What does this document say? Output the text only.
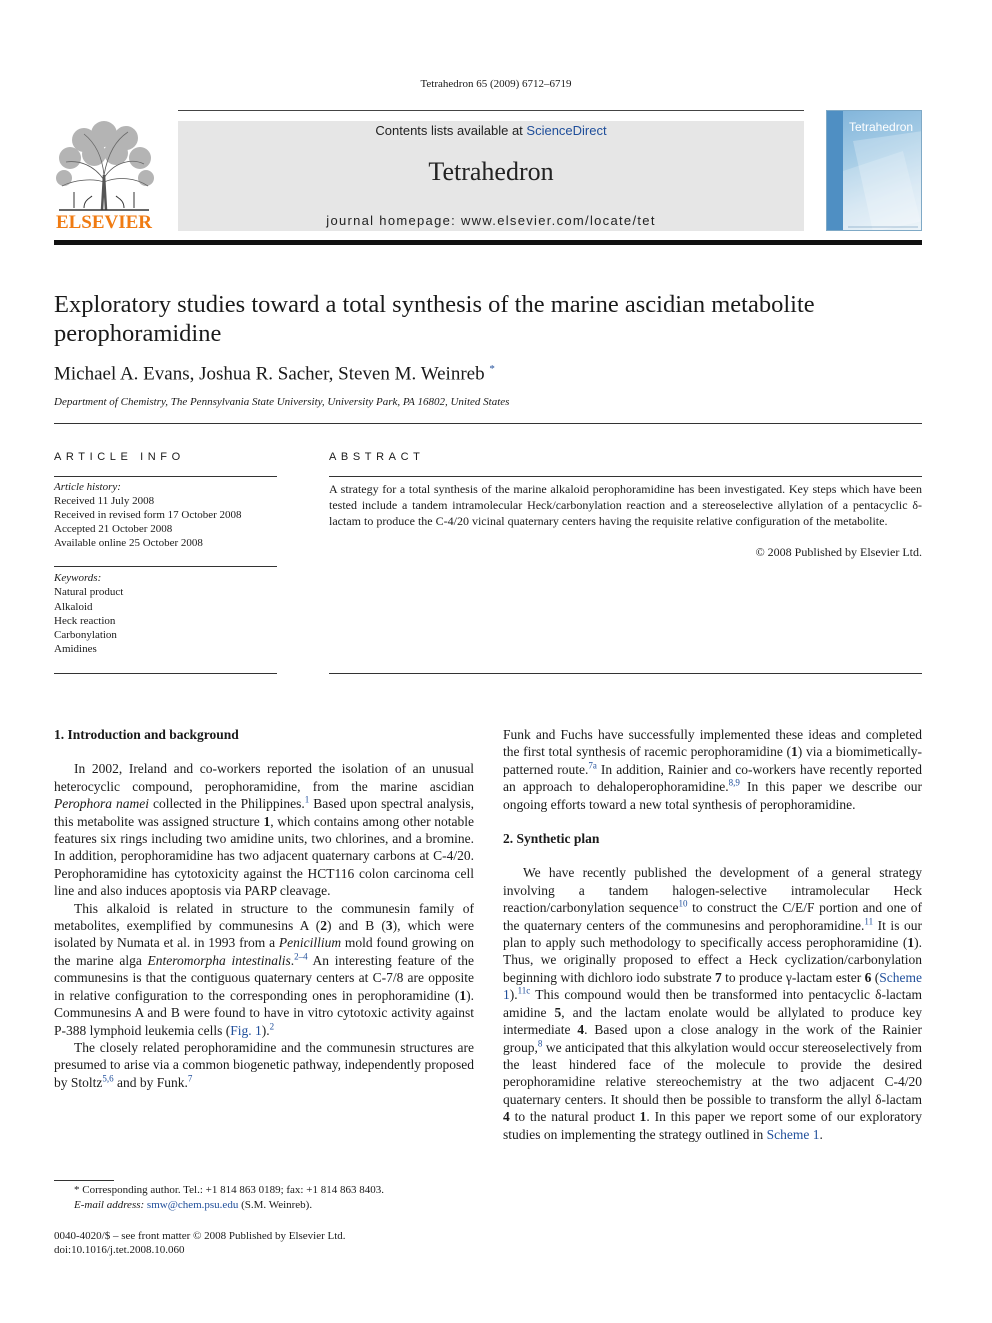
Tetrahedron 65 (2009) 6712–6719
ELSEVIER
Contents lists available at ScienceDirect
Tetrahedron
journal homepage: www.elsevier.com/locate/tet
Tetrahedron
Exploratory studies toward a total synthesis of the marine ascidian metabolite perophoramidine
Michael A. Evans, Joshua R. Sacher, Steven M. Weinreb *
Department of Chemistry, The Pennsylvania State University, University Park, PA 16802, United States
ARTICLE INFO	ABSTRACT
Article history:
Received 11 July 2008
Received in revised form 17 October 2008
Accepted 21 October 2008
Available online 25 October 2008
Keywords:
Natural product
Alkaloid
Heck reaction
Carbonylation
Amidines
A strategy for a total synthesis of the marine alkaloid perophoramidine has been investigated. Key steps which have been tested include a tandem intramolecular Heck/carbonylation reaction and a stereoselective allylation of a pentacyclic δ-lactam to produce the C-4/20 vicinal quaternary centers having the requisite relative configuration of the metabolite.
© 2008 Published by Elsevier Ltd.
1. Introduction and background

In 2002, Ireland and co-workers reported the isolation of an unusual heterocyclic compound, perophoramidine, from the marine ascidian Perophora namei collected in the Philippines.$^1$ Based upon spectral analysis, this metabolite was assigned structure 1, which contains among other notable features six rings including two amidine units, two chlorines, and a bromine. In addition, perophoramidine has two adjacent quaternary carbons at C-4/20. Perophoramidine has cytotoxicity against the HCT116 colon carcinoma cell line and also induces apoptosis via PARP cleavage.

This alkaloid is related in structure to the communesin family of metabolites, exemplified by communesins A (2) and B (3), which were isolated by Numata et al. in 1993 from a Penicillium mold found growing on the marine alga Enteromorpha intestinalis.$^{2-4}$ An interesting feature of the communesins is that the contiguous quaternary centers at C-7/8 are opposite in relative configuration to the corresponding ones in perophoramidine (1). Communesins A and B were found to have in vitro cytotoxic activity against P-388 lymphoid leukemia cells (Fig. 1).$^2$

The closely related perophoramidine and the communesin structures are presumed to arise via a common biogenetic pathway, independently proposed by Stoltz$^{5,6}$ and by Funk.$^7$

Funk and Fuchs have successfully implemented these ideas and completed the first total synthesis of racemic perophoramidine (1) via a biomimetically-patterned route.$^{7a}$ In addition, Rainier and co-workers have recently reported an approach to dehaloperophoramidine.$^{8,9}$ In this paper we describe our ongoing efforts toward a new total synthesis of perophoramidine.

2. Synthetic plan

We have recently published the development of a general strategy involving a tandem halogen-selective intramolecular Heck reaction/carbonylation sequence$^{10}$ to construct the C/E/F portion and one of the quaternary centers of the communesins and perophoramidine.$^{11}$ It is our plan to apply such methodology to specifically access perophoramidine (1). Thus, we originally proposed to effect a Heck cyclization/carbonylation beginning with dichloro iodo substrate 7 to produce γ-lactam ester 6 (Scheme 1).$^{11c}$ This compound would then be transformed into pentacyclic δ-lactam amidine 5, and the lactam enolate would be allylated to produce key intermediate 4. Based upon a close analogy in the work of the Rainier group,$^8$ we anticipated that this alkylation would occur stereoselectively from the least hindered face of the molecule to provide the desired perophoramidine relative stereochemistry at the two adjacent C-4/20 quaternary centers. It should then be possible to transform the allyl δ-lactam 4 to the natural product 1. In this paper we report some of our exploratory studies on implementing the strategy outlined in Scheme 1.

* Corresponding author. Tel.: +1 814 863 0189; fax: +1 814 863 8403.
E-mail address: smw@chem.psu.edu (S.M. Weinreb).
0040-4020/$ – see front matter © 2008 Published by Elsevier Ltd.
doi:10.1016/j.tet.2008.10.060
